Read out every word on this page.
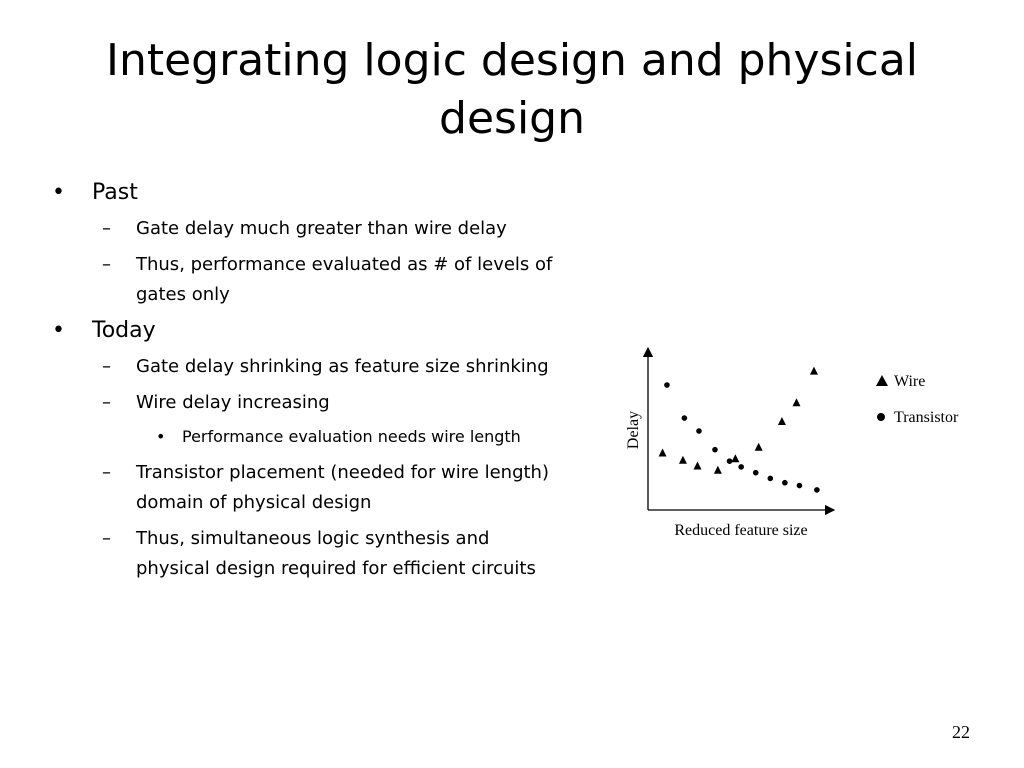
Integrating logic design and physical design
•	Past
– Gate delay much greater than wire delay
– Thus, performance evaluated as # of levels of gates only
•	Today
– Gate delay shrinking as feature size shrinking
– Wire delay increasing
• Performance evaluation needs wire length
– Transistor placement (needed for wire length) domain of physical design
– Thus, simultaneous logic synthesis and physical design required for efficient circuits
Delay
Reduced feature size
Wire
Transistor
22
